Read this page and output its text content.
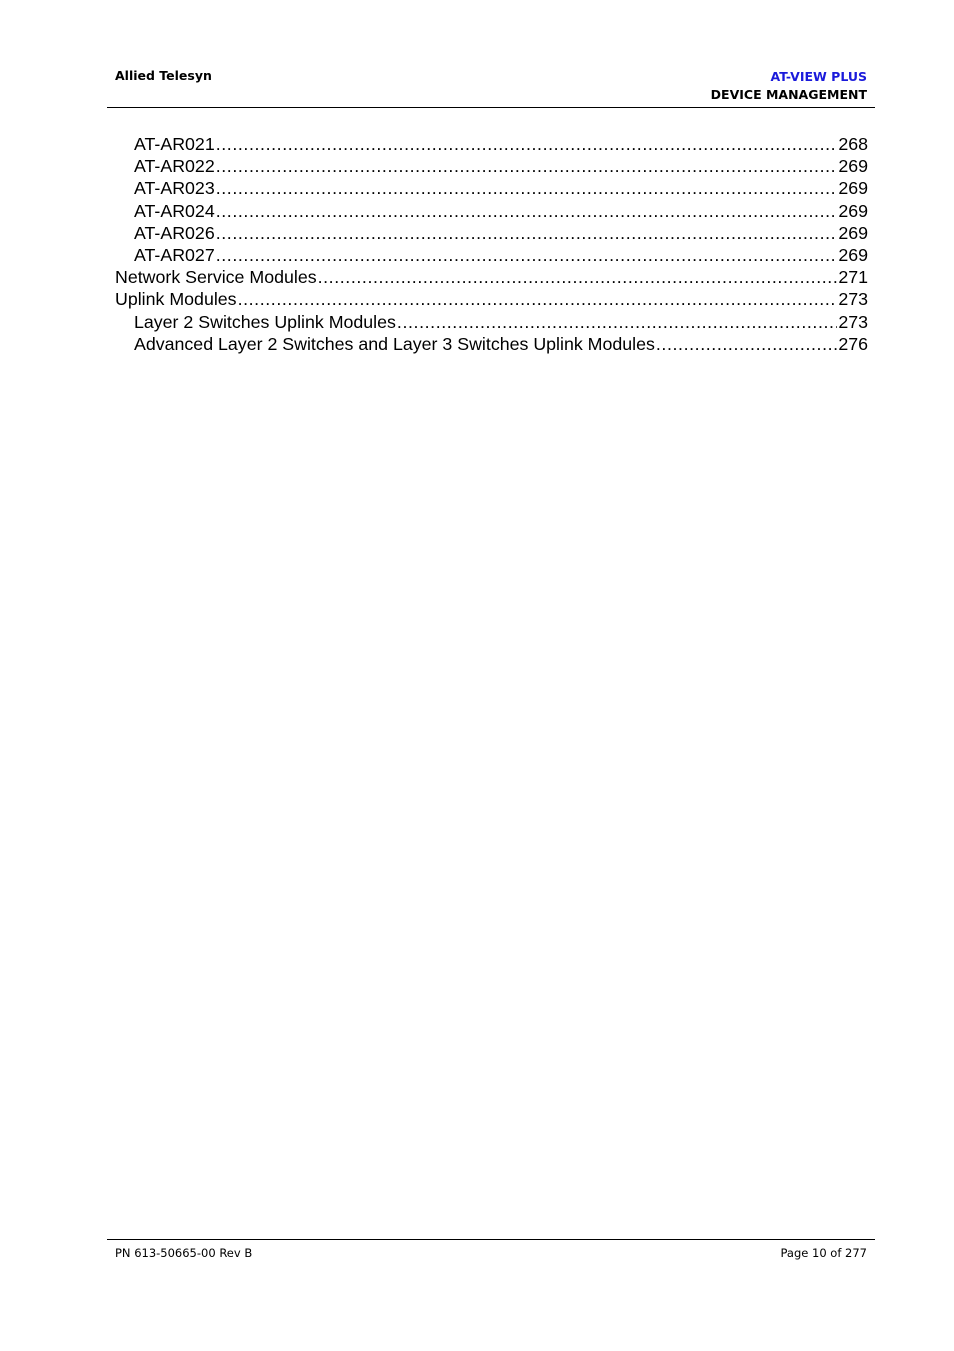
Allied Telesyn	AT-VIEW PLUS
DEVICE MANAGEMENT
AT-AR021 .....	268
AT-AR022 .....	269
AT-AR023 .....	269
AT-AR024 .....	269
AT-AR026 .....	269
AT-AR027 .....	269
Network Service Modules .....	271
Uplink Modules .....	273
Layer 2 Switches Uplink Modules .....	273
Advanced Layer 2 Switches and Layer 3 Switches Uplink Modules .....	276
PN 613-50665-00 Rev B	Page 10 of 277
